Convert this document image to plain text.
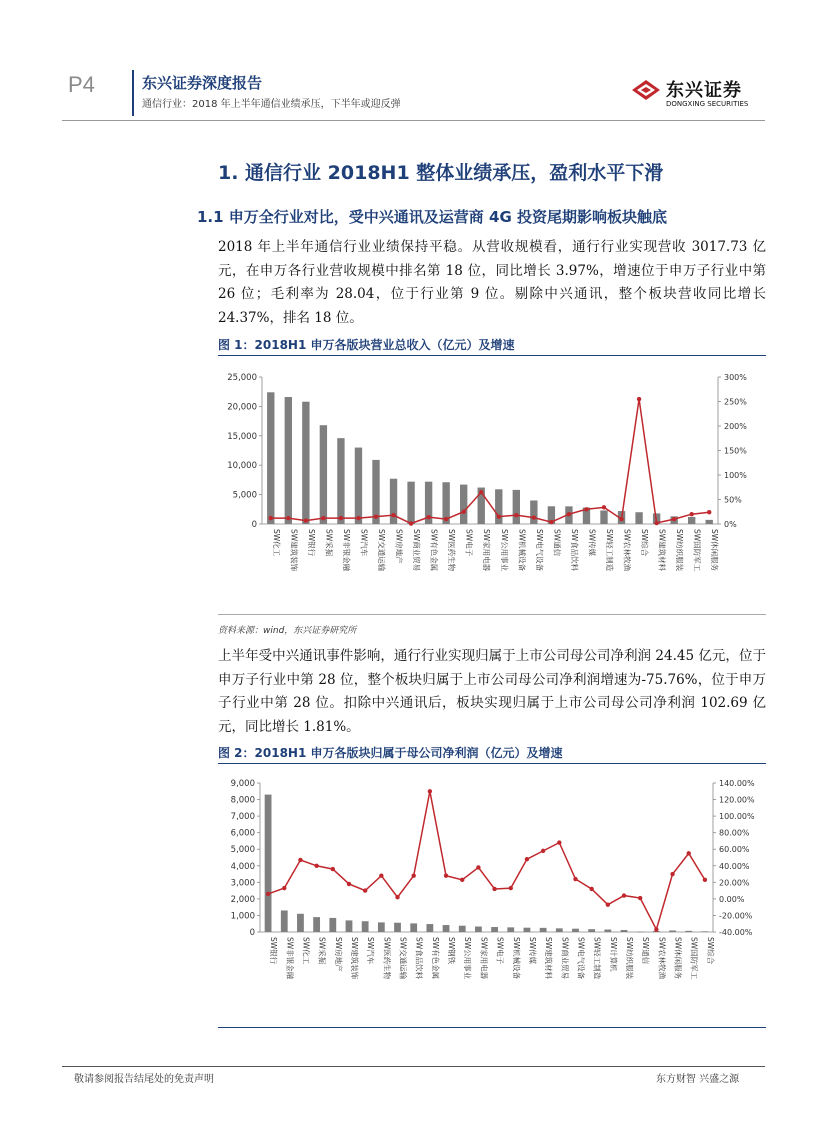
P4	东兴证券深度报告
通信行业：2018 年上半年通信业绩承压，下半年或迎反弹
东兴证券
DONGXING SECURITIES
1. 通信行业 2018H1 整体业绩承压，盈利水平下滑
1.1 申万全行业对比，受中兴通讯及运营商 4G 投资尾期影响板块触底
2018 年上半年通信行业业绩保持平稳。从营收规模看，通行行业实现营收 3017.73 亿元，在申万各行业营收规模中排名第 18 位，同比增长 3.97%，增速位于申万子行业中第 26 位；毛利率为 28.04，位于行业第 9 位。剔除中兴通讯，整个板块营收同比增长 24.37%，排名 18 位。
图 1：2018H1 申万各版块营业总收入（亿元）及增速
0
5,000
10,000
15,000
20,000
25,000
0%
50%
100%
150%
200%
250%
300%
SW化工 SW建筑装饰 SW银行 SW采掘 SW非银金融 SW汽车 SW交通运输 SW房地产 SW商业贸易 SW有色金属 SW医药生物 SW电子 SW家用电器 SW公用事业 SW机械设备 SW电气设备 SW通信 SW食品饮料 SW传媒 SW轻工制造 SW农林牧渔 SW综合 SW建筑材料 SW纺织服装 SW国防军工 SW休闲服务
资料来源：wind，东兴证券研究所
上半年受中兴通讯事件影响，通行行业实现归属于上市公司母公司净利润 24.45 亿元，位于申万子行业中第 28 位，整个板块归属于上市公司母公司净利润增速为-75.76%，位于申万子行业中第 28 位。扣除中兴通讯后，板块实现归属于上市公司母公司净利润 102.69 亿元，同比增长 1.81%。
图 2：2018H1 申万各版块归属于母公司净利润（亿元）及增速
0
1,000
2,000
3,000
4,000
5,000
6,000
7,000
8,000
9,000
-40.00%
-20.00%
0.00%
20.00%
40.00%
60.00%
80.00%
100.00%
120.00%
140.00%
SW银行 SW非银金融 SW化工 SW采掘 SW房地产 SW建筑装饰 SW汽车 SW医药生物 SW交通运输 SW食品饮料 SW有色金属 SW钢铁 SW公用事业 SW家用电器 SW电子 SW机械设备 SW传媒 SW建筑材料 SW商业贸易 SW电气设备 SW轻工制造 SW计算机 SW纺织服装 SW通信 SW农林牧渔 SW休闲服务 SW国防军工 SW综合
敬请参阅报告结尾处的免责声明	东方财智 兴盛之源
